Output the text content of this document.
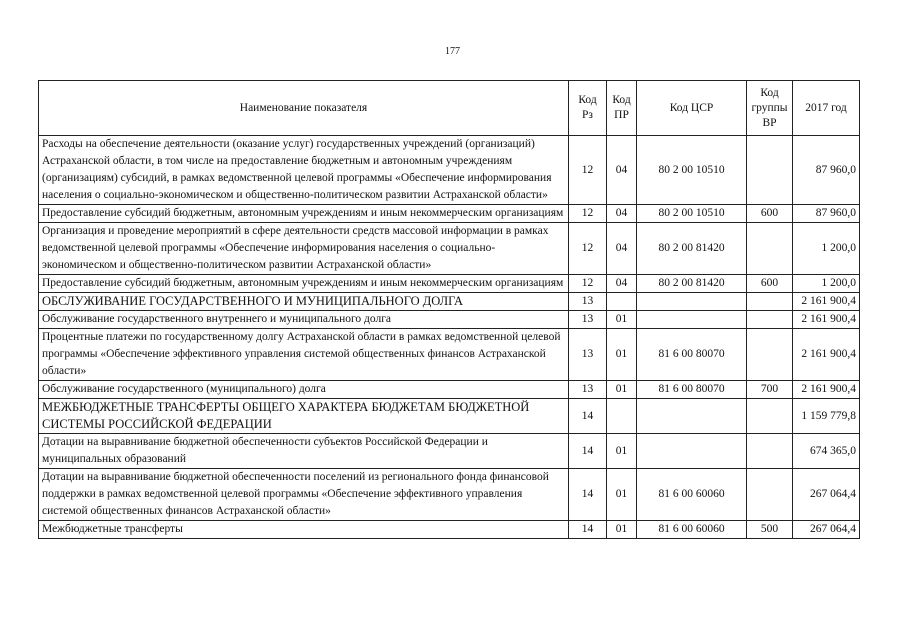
177
Наименование показателя	Код Рз	Код ПР	Код ЦСР	Код группы ВР	2017 год
Расходы на обеспечение деятельности (оказание услуг) государственных учреждений (организаций) Астраханской области, в том числе на предоставление бюджетным и автономным учреждениям (организациям) субсидий, в рамках ведомственной целевой программы «Обеспечение информирования населения о социально-экономическом и общественно-политическом развитии Астраханской области»	12	04	80 2 00 10510		87 960,0
Предоставление субсидий бюджетным, автономным учреждениям и иным некоммерческим организациям	12	04	80 2 00 10510	600	87 960,0
Организация и проведение мероприятий в сфере деятельности средств массовой информации в рамках ведомственной целевой программы «Обеспечение информирования населения о социально-экономическом и общественно-политическом развитии Астраханской области»	12	04	80 2 00 81420		1 200,0
Предоставление субсидий бюджетным, автономным учреждениям и иным некоммерческим организациям	12	04	80 2 00 81420	600	1 200,0
ОБСЛУЖИВАНИЕ ГОСУДАРСТВЕННОГО И МУНИЦИПАЛЬНОГО ДОЛГА	13				2 161 900,4
Обслуживание государственного внутреннего и муниципального долга	13	01			2 161 900,4
Процентные платежи по государственному долгу Астраханской области в рамках ведомственной целевой программы «Обеспечение эффективного управления системой общественных финансов Астраханской области»	13	01	81 6 00 80070		2 161 900,4
Обслуживание государственного (муниципального) долга	13	01	81 6 00 80070	700	2 161 900,4
МЕЖБЮДЖЕТНЫЕ ТРАНСФЕРТЫ ОБЩЕГО ХАРАКТЕРА БЮДЖЕТАМ БЮДЖЕТНОЙ СИСТЕМЫ РОССИЙСКОЙ ФЕДЕРАЦИИ	14				1 159 779,8
Дотации на выравнивание бюджетной обеспеченности субъектов Российской Федерации и муниципальных образований	14	01			674 365,0
Дотации на выравнивание бюджетной обеспеченности поселений из регионального фонда финансовой поддержки в рамках ведомственной целевой программы «Обеспечение эффективного управления системой общественных финансов Астраханской области»	14	01	81 6 00 60060		267 064,4
Межбюджетные трансферты	14	01	81 6 00 60060	500	267 064,4
